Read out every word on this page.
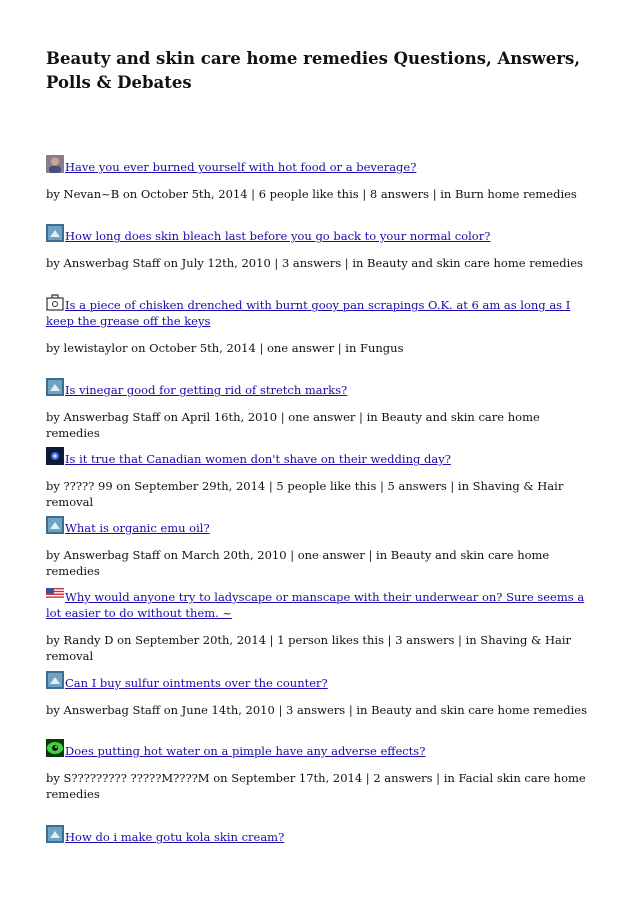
Beauty and skin care home remedies Questions, Answers, Polls & Debates

Have you ever burned yourself with hot food or a beverage?

by Nevan~B on October 5th, 2014 | 6 people like this | 8 answers | in Burn home remedies

How long does skin bleach last before you go back to your normal color?

by Answerbag Staff on July 12th, 2010 | 3 answers | in Beauty and skin care home remedies

Is a piece of chisken drenched with burnt gooy pan scrapings O.K. at 6 am as long as I keep the grease off the keys

by lewistaylor on October 5th, 2014 | one answer | in Fungus

Is vinegar good for getting rid of stretch marks?

by Answerbag Staff on April 16th, 2010 | one answer | in Beauty and skin care home remedies

Is it true that Canadian women don't shave on their wedding day?

by ????? 99 on September 29th, 2014 | 5 people like this | 5 answers | in Shaving & Hair removal

What is organic emu oil?

by Answerbag Staff on March 20th, 2010 | one answer | in Beauty and skin care home remedies

Why would anyone try to ladyscape or manscape with their underwear on? Sure seems a lot easier to do without them. ~

by Randy D on September 20th, 2014 | 1 person likes this | 3 answers | in Shaving & Hair removal

Can I buy sulfur ointments over the counter?

by Answerbag Staff on June 14th, 2010 | 3 answers | in Beauty and skin care home remedies

Does putting hot water on a pimple have any adverse effects?

by S????????? ?????M????M on September 17th, 2014 | 2 answers | in Facial skin care home remedies

How do i make gotu kola skin cream?
